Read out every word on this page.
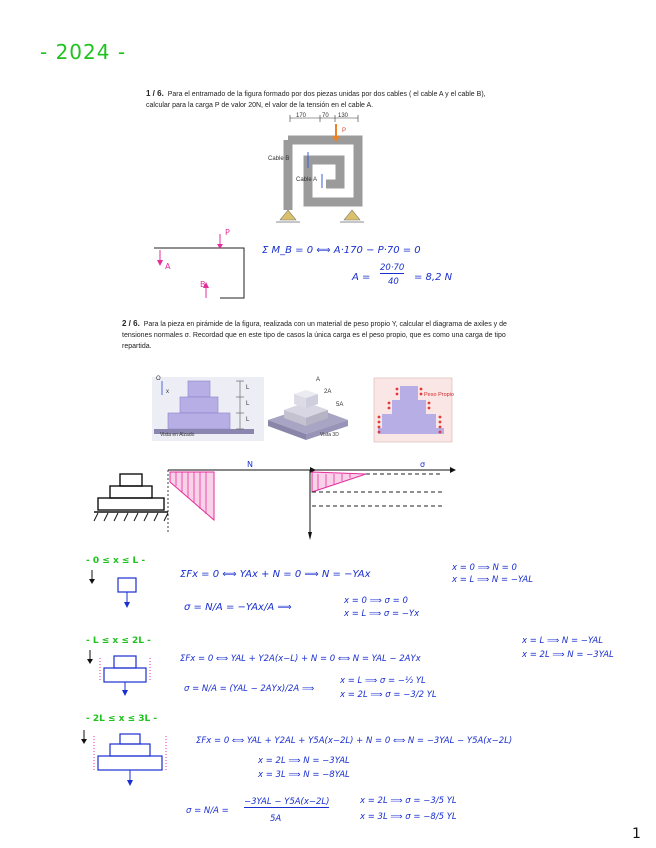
- 2024 -
1 / 6. Para el entramado de la figura formado por dos piezas unidas por dos cables ( el cable A y el cable B), calcular para la carga P de valor 20N, el valor de la tensión en el cable A.
170	70 130
P
Cable B
Cable A
P
A
B
Σ M_B = 0 ⟺ A·170 − P·70 = 0
A =
20·70
40 = 8,2 N
2 / 6. Para la pieza en pirámide de la figura, realizada con un material de peso propio Y, calcular el diagrama de axiles y de tensiones normales σ. Recordad que en este tipo de casos la única carga es el peso propio, que es como una carga de tipo repartida.
O
x
L
L
L
Vista en Alzado
A
2A
5A
Vista 3D
Peso Propio
N	σ
- 0 ≤ x ≤ L -
ΣFx = 0 ⟺ YAx + N = 0 ⟹ N = −YAx
x = 0 ⟹ N = 0
x = L ⟹ N = −YAL
σ = N/A = −YAx/A ⟹
x = 0 ⟹ σ = 0
x = L ⟹ σ = −Yx
- L ≤ x ≤ 2L -
ΣFx = 0 ⟺ YAL + Y2A(x−L) + N = 0 ⟺ N = YAL − 2AYx
x = L ⟹ N = −YAL
x = 2L ⟹ N = −3YAL
σ = N/A = (YAL − 2AYx)/2A ⟹
x = L ⟹ σ = −½ YL
x = 2L ⟹ σ = −3/2 YL
- 2L ≤ x ≤ 3L -
ΣFx = 0 ⟺ YAL + Y2AL + Y5A(x−2L) + N = 0 ⟺ N = −3YAL − Y5A(x−2L)
x = 2L ⟹ N = −3YAL
x = 3L ⟹ N = −8YAL
σ = N/A =
−3YAL − Y5A(x−2L)
5A
x = 2L ⟹ σ = −3/5 YL
x = 3L ⟹ σ = −8/5 YL
1
